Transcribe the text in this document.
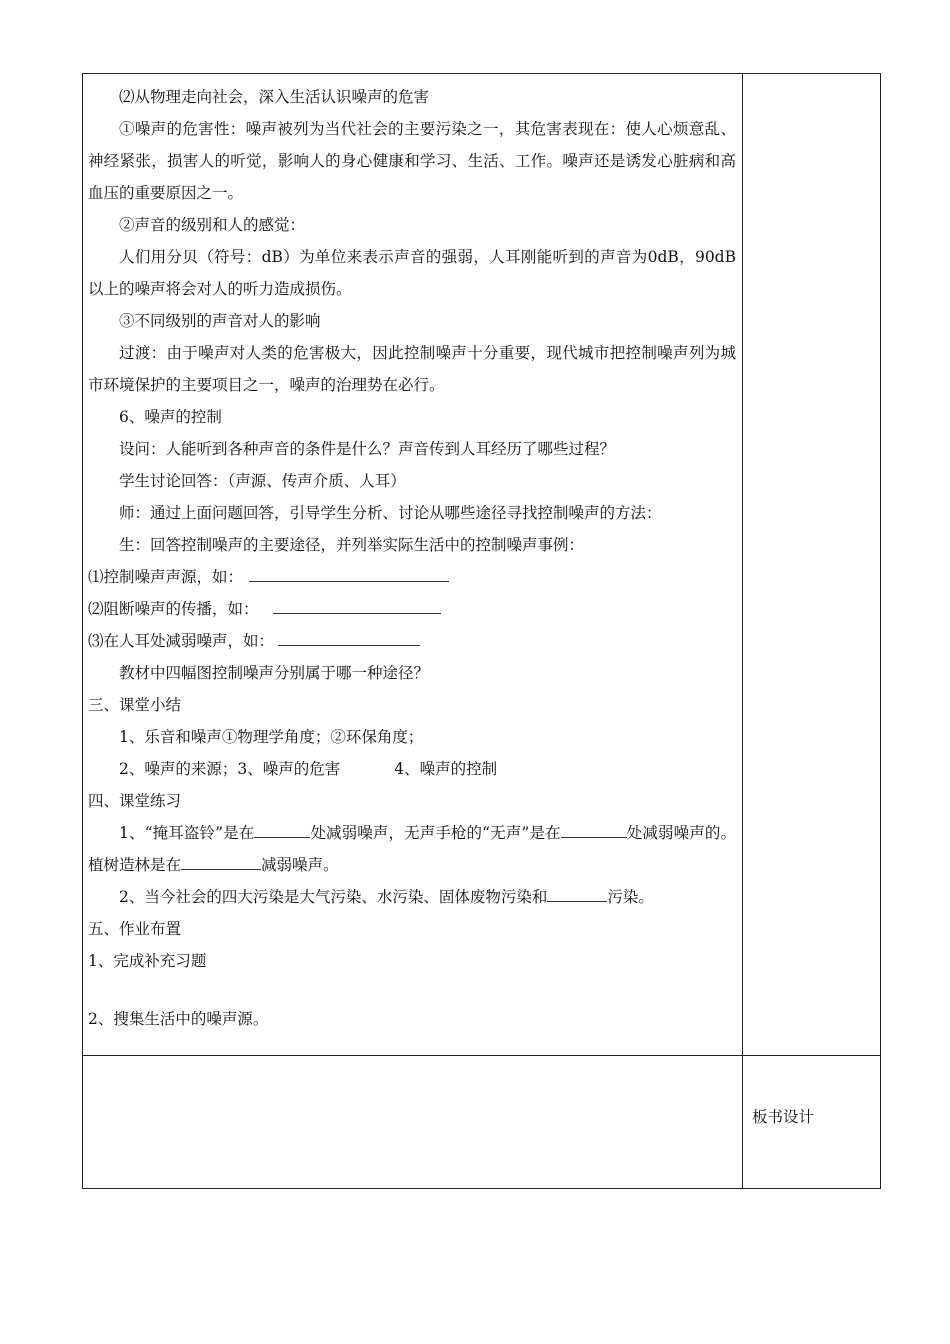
⑵从物理走向社会，深入生活认识噪声的危害

①噪声的危害性：噪声被列为当代社会的主要污染之一，其危害表现在：使人心烦意乱、神经紧张，损害人的听觉，影响人的身心健康和学习、生活、工作。噪声还是诱发心脏病和高血压的重要原因之一。

②声音的级别和人的感觉：

人们用分贝（符号：dB）为单位来表示声音的强弱，人耳刚能听到的声音为0dB，90dB以上的噪声将会对人的听力造成损伤。

③不同级别的声音对人的影响

过渡：由于噪声对人类的危害极大，因此控制噪声十分重要，现代城市把控制噪声列为城市环境保护的主要项目之一，噪声的治理势在必行。

6、噪声的控制

设问：人能听到各种声音的条件是什么？声音传到人耳经历了哪些过程？

学生讨论回答：（声源、传声介质、人耳）

师：通过上面问题回答，引导学生分析、讨论从哪些途径寻找控制噪声的方法：

生：回答控制噪声的主要途径，并列举实际生活中的控制噪声事例：

⑴控制噪声声源，如：

⑵阻断噪声的传播，如：

⑶在人耳处减弱噪声，如：

教材中四幅图控制噪声分别属于哪一种途径？

三、课堂小结

1、乐音和噪声①物理学角度；②环保角度；

2、噪声的来源；3、噪声的危害	4、噪声的控制

四、课堂练习

1、“掩耳盗铃”是在	处减弱噪声，无声手枪的“无声”是在	处减弱噪声的。植树造林是在	减弱噪声。

2、当今社会的四大污染是大气污染、水污染、固体废物污染和	污染。

五、作业布置

1、完成补充习题

2、搜集生活中的噪声源。

板书设计
